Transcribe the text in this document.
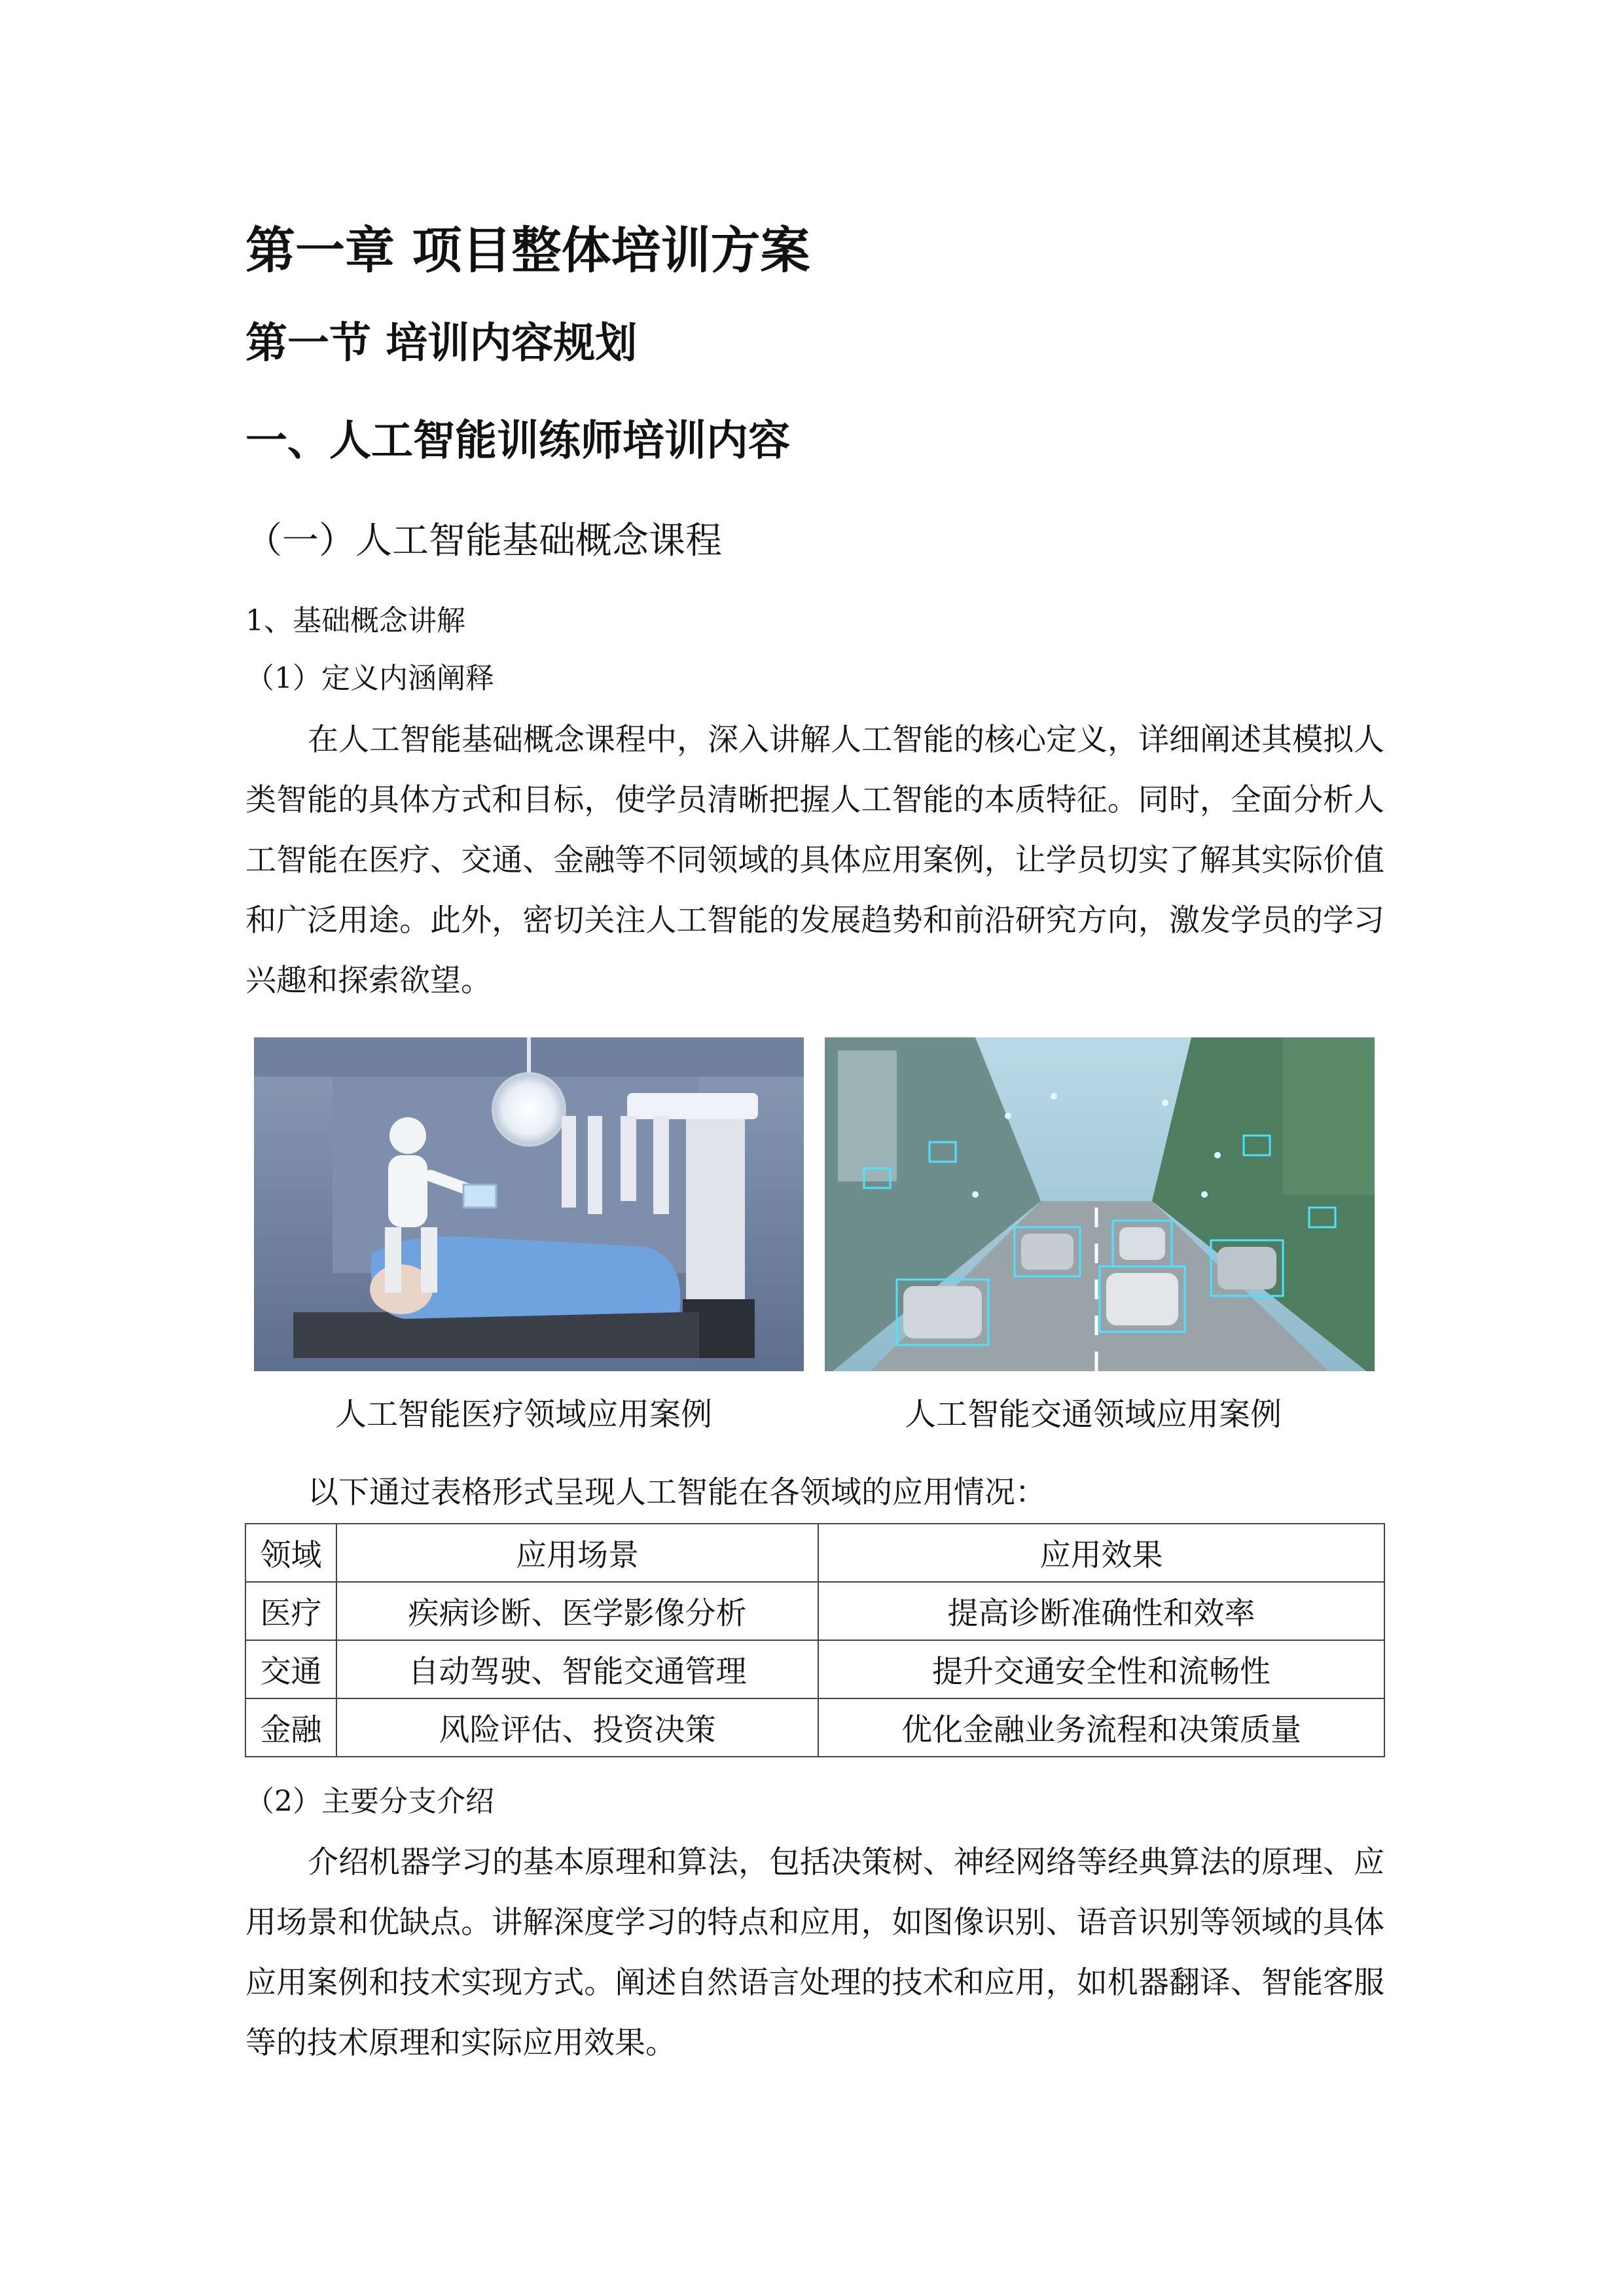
第一章 项目整体培训方案
第一节 培训内容规划
一、人工智能训练师培训内容
（一）人工智能基础概念课程
1、基础概念讲解
（1）定义内涵阐释

在人工智能基础概念课程中，深入讲解人工智能的核心定义，详细阐述其模拟人类智能的具体方式和目标，使学员清晰把握人工智能的本质特征。同时，全面分析人工智能在医疗、交通、金融等不同领域的具体应用案例，让学员切实了解其实际价值和广泛用途。此外，密切关注人工智能的发展趋势和前沿研究方向，激发学员的学习兴趣和探索欲望。

人工智能医疗领域应用案例	人工智能交通领域应用案例
以下通过表格形式呈现人工智能在各领域的应用情况：
领域	应用场景	应用效果
医疗	疾病诊断、医学影像分析	提高诊断准确性和效率
交通	自动驾驶、智能交通管理	提升交通安全性和流畅性
金融	风险评估、投资决策	优化金融业务流程和决策质量
（2）主要分支介绍

介绍机器学习的基本原理和算法，包括决策树、神经网络等经典算法的原理、应用场景和优缺点。讲解深度学习的特点和应用，如图像识别、语音识别等领域的具体应用案例和技术实现方式。阐述自然语言处理的技术和应用，如机器翻译、智能客服等的技术原理和实际应用效果。
